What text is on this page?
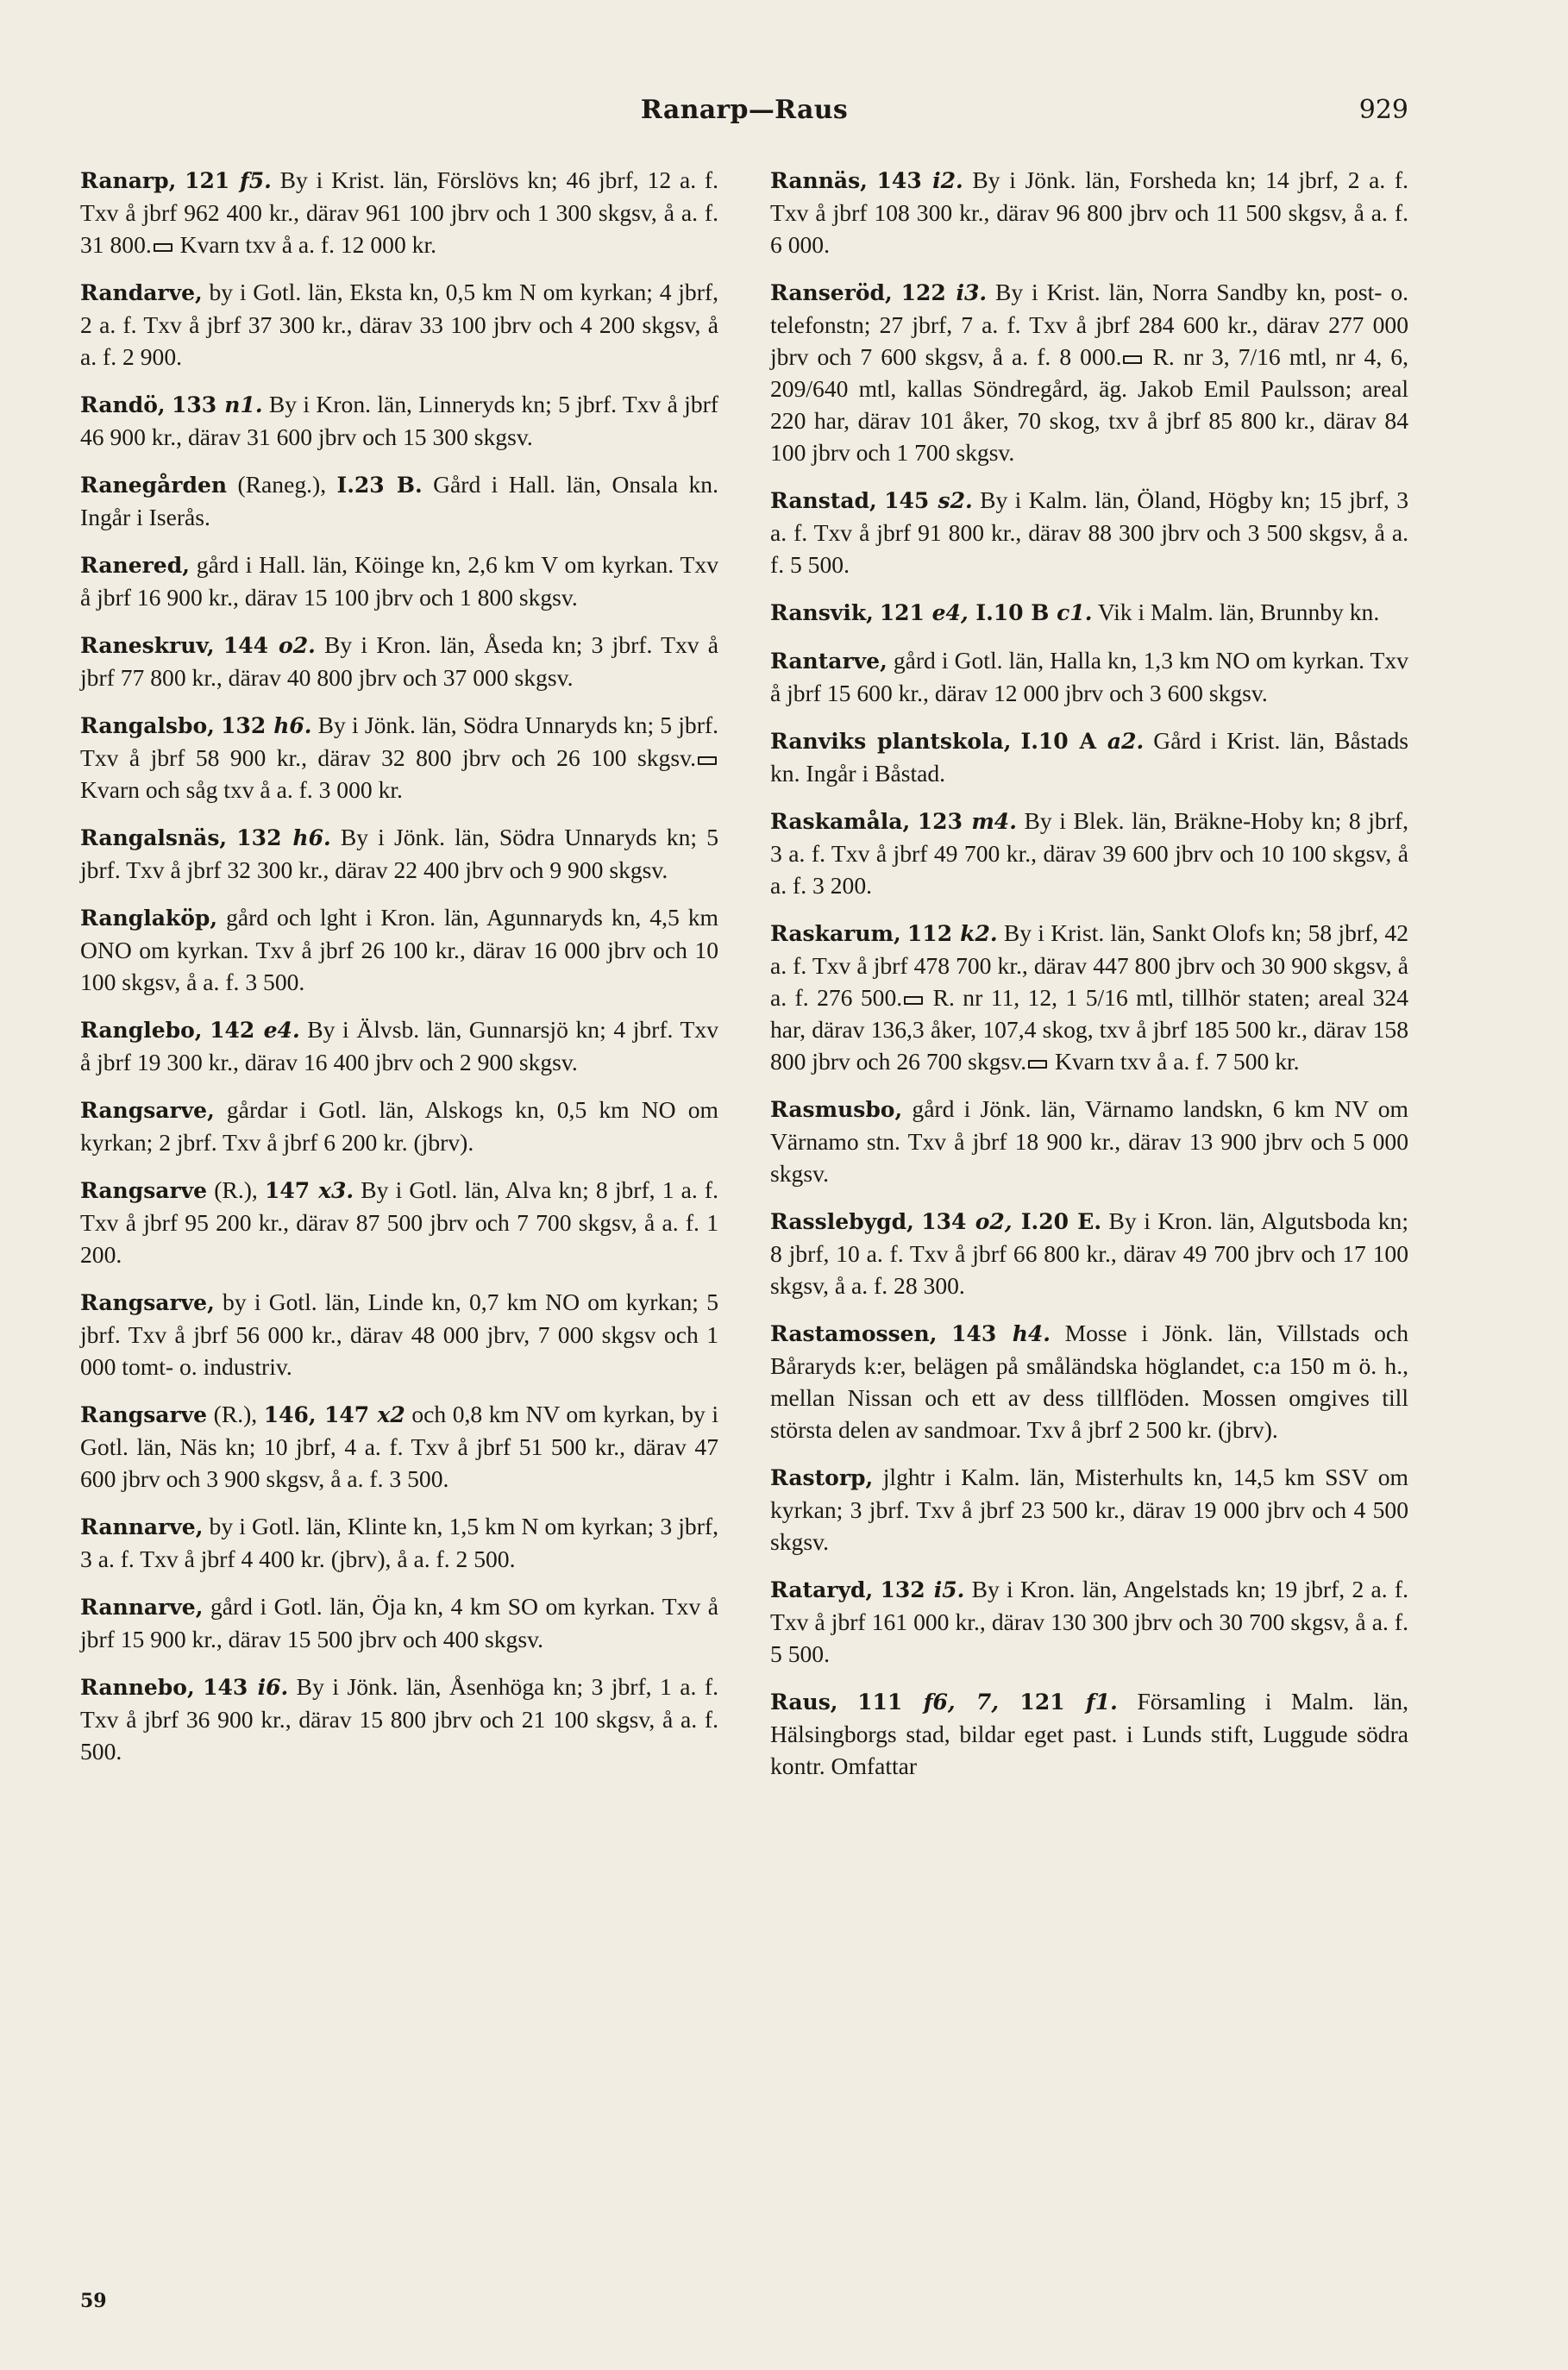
Ranarp—Raus	929

Ranarp, 121 f5. By i Krist. län, Förslövs kn; 46 jbrf, 12 a. f. Txv å jbrf 962 400 kr., därav 961 100 jbrv och 1 300 skgsv, å a. f. 31 800. Kvarn txv å a. f. 12 000 kr.

Randarve, by i Gotl. län, Eksta kn, 0,5 km N om kyrkan; 4 jbrf, 2 a. f. Txv å jbrf 37 300 kr., därav 33 100 jbrv och 4 200 skgsv, å a. f. 2 900.

Randö, 133 n1. By i Kron. län, Linneryds kn; 5 jbrf. Txv å jbrf 46 900 kr., därav 31 600 jbrv och 15 300 skgsv.

Ranegården (Raneg.), I.23 B. Gård i Hall. län, Onsala kn. Ingår i Iserås.

Ranered, gård i Hall. län, Köinge kn, 2,6 km V om kyrkan. Txv å jbrf 16 900 kr., därav 15 100 jbrv och 1 800 skgsv.

Raneskruv, 144 o2. By i Kron. län, Åseda kn; 3 jbrf. Txv å jbrf 77 800 kr., därav 40 800 jbrv och 37 000 skgsv.

Rangalsbo, 132 h6. By i Jönk. län, Södra Unnaryds kn; 5 jbrf. Txv å jbrf 58 900 kr., därav 32 800 jbrv och 26 100 skgsv. Kvarn och såg txv å a. f. 3 000 kr.

Rangalsnäs, 132 h6. By i Jönk. län, Södra Unnaryds kn; 5 jbrf. Txv å jbrf 32 300 kr., därav 22 400 jbrv och 9 900 skgsv.

Ranglaköp, gård och lght i Kron. län, Agunnaryds kn, 4,5 km ONO om kyrkan. Txv å jbrf 26 100 kr., därav 16 000 jbrv och 10 100 skgsv, å a. f. 3 500.

Ranglebo, 142 e4. By i Älvsb. län, Gunnarsjö kn; 4 jbrf. Txv å jbrf 19 300 kr., därav 16 400 jbrv och 2 900 skgsv.

Rangsarve, gårdar i Gotl. län, Alskogs kn, 0,5 km NO om kyrkan; 2 jbrf. Txv å jbrf 6 200 kr. (jbrv).

Rangsarve (R.), 147 x3. By i Gotl. län, Alva kn; 8 jbrf, 1 a. f. Txv å jbrf 95 200 kr., därav 87 500 jbrv och 7 700 skgsv, å a. f. 1 200.

Rangsarve, by i Gotl. län, Linde kn, 0,7 km NO om kyrkan; 5 jbrf. Txv å jbrf 56 000 kr., därav 48 000 jbrv, 7 000 skgsv och 1 000 tomt- o. industriv.

Rangsarve (R.), 146, 147 x2 och 0,8 km NV om kyrkan, by i Gotl. län, Näs kn; 10 jbrf, 4 a. f. Txv å jbrf 51 500 kr., därav 47 600 jbrv och 3 900 skgsv, å a. f. 3 500.

Rannarve, by i Gotl. län, Klinte kn, 1,5 km N om kyrkan; 3 jbrf, 3 a. f. Txv å jbrf 4 400 kr. (jbrv), å a. f. 2 500.

Rannarve, gård i Gotl. län, Öja kn, 4 km SO om kyrkan. Txv å jbrf 15 900 kr., därav 15 500 jbrv och 400 skgsv.

Rannebo, 143 i6. By i Jönk. län, Åsenhöga kn; 3 jbrf, 1 a. f. Txv å jbrf 36 900 kr., därav 15 800 jbrv och 21 100 skgsv, å a. f. 500.

Rannäs, 143 i2. By i Jönk. län, Forsheda kn; 14 jbrf, 2 a. f. Txv å jbrf 108 300 kr., därav 96 800 jbrv och 11 500 skgsv, å a. f. 6 000.

Ranseröd, 122 i3. By i Krist. län, Norra Sandby kn, post- o. telefonstn; 27 jbrf, 7 a. f. Txv å jbrf 284 600 kr., därav 277 000 jbrv och 7 600 skgsv, å a. f. 8 000. R. nr 3, 7/16 mtl, nr 4, 6, 209/640 mtl, kallas Söndregård, äg. Jakob Emil Paulsson; areal 220 har, därav 101 åker, 70 skog, txv å jbrf 85 800 kr., därav 84 100 jbrv och 1 700 skgsv.

Ranstad, 145 s2. By i Kalm. län, Öland, Högby kn; 15 jbrf, 3 a. f. Txv å jbrf 91 800 kr., därav 88 300 jbrv och 3 500 skgsv, å a. f. 5 500.

Ransvik, 121 e4, I.10 B c1. Vik i Malm. län, Brunnby kn.

Rantarve, gård i Gotl. län, Halla kn, 1,3 km NO om kyrkan. Txv å jbrf 15 600 kr., därav 12 000 jbrv och 3 600 skgsv.

Ranviks plantskola, I.10 A a2. Gård i Krist. län, Båstads kn. Ingår i Båstad.

Raskamåla, 123 m4. By i Blek. län, Bräkne-Hoby kn; 8 jbrf, 3 a. f. Txv å jbrf 49 700 kr., därav 39 600 jbrv och 10 100 skgsv, å a. f. 3 200.

Raskarum, 112 k2. By i Krist. län, Sankt Olofs kn; 58 jbrf, 42 a. f. Txv å jbrf 478 700 kr., därav 447 800 jbrv och 30 900 skgsv, å a. f. 276 500. R. nr 11, 12, 1 5/16 mtl, tillhör staten; areal 324 har, därav 136,3 åker, 107,4 skog, txv å jbrf 185 500 kr., därav 158 800 jbrv och 26 700 skgsv. Kvarn txv å a. f. 7 500 kr.

Rasmusbo, gård i Jönk. län, Värnamo landskn, 6 km NV om Värnamo stn. Txv å jbrf 18 900 kr., därav 13 900 jbrv och 5 000 skgsv.

Rasslebygd, 134 o2, I.20 E. By i Kron. län, Algutsboda kn; 8 jbrf, 10 a. f. Txv å jbrf 66 800 kr., därav 49 700 jbrv och 17 100 skgsv, å a. f. 28 300.

Rastamossen, 143 h4. Mosse i Jönk. län, Villstads och Båraryds k:er, belägen på småländska höglandet, c:a 150 m ö. h., mellan Nissan och ett av dess tillflöden. Mossen omgives till största delen av sandmoar. Txv å jbrf 2 500 kr. (jbrv).

Rastorp, jlghtr i Kalm. län, Misterhults kn, 14,5 km SSV om kyrkan; 3 jbrf. Txv å jbrf 23 500 kr., därav 19 000 jbrv och 4 500 skgsv.

Rataryd, 132 i5. By i Kron. län, Angelstads kn; 19 jbrf, 2 a. f. Txv å jbrf 161 000 kr., därav 130 300 jbrv och 30 700 skgsv, å a. f. 5 500.

Raus, 111 f6, 7, 121 f1. Församling i Malm. län, Hälsingborgs stad, bildar eget past. i Lunds stift, Luggude södra kontr. Omfattar

59
